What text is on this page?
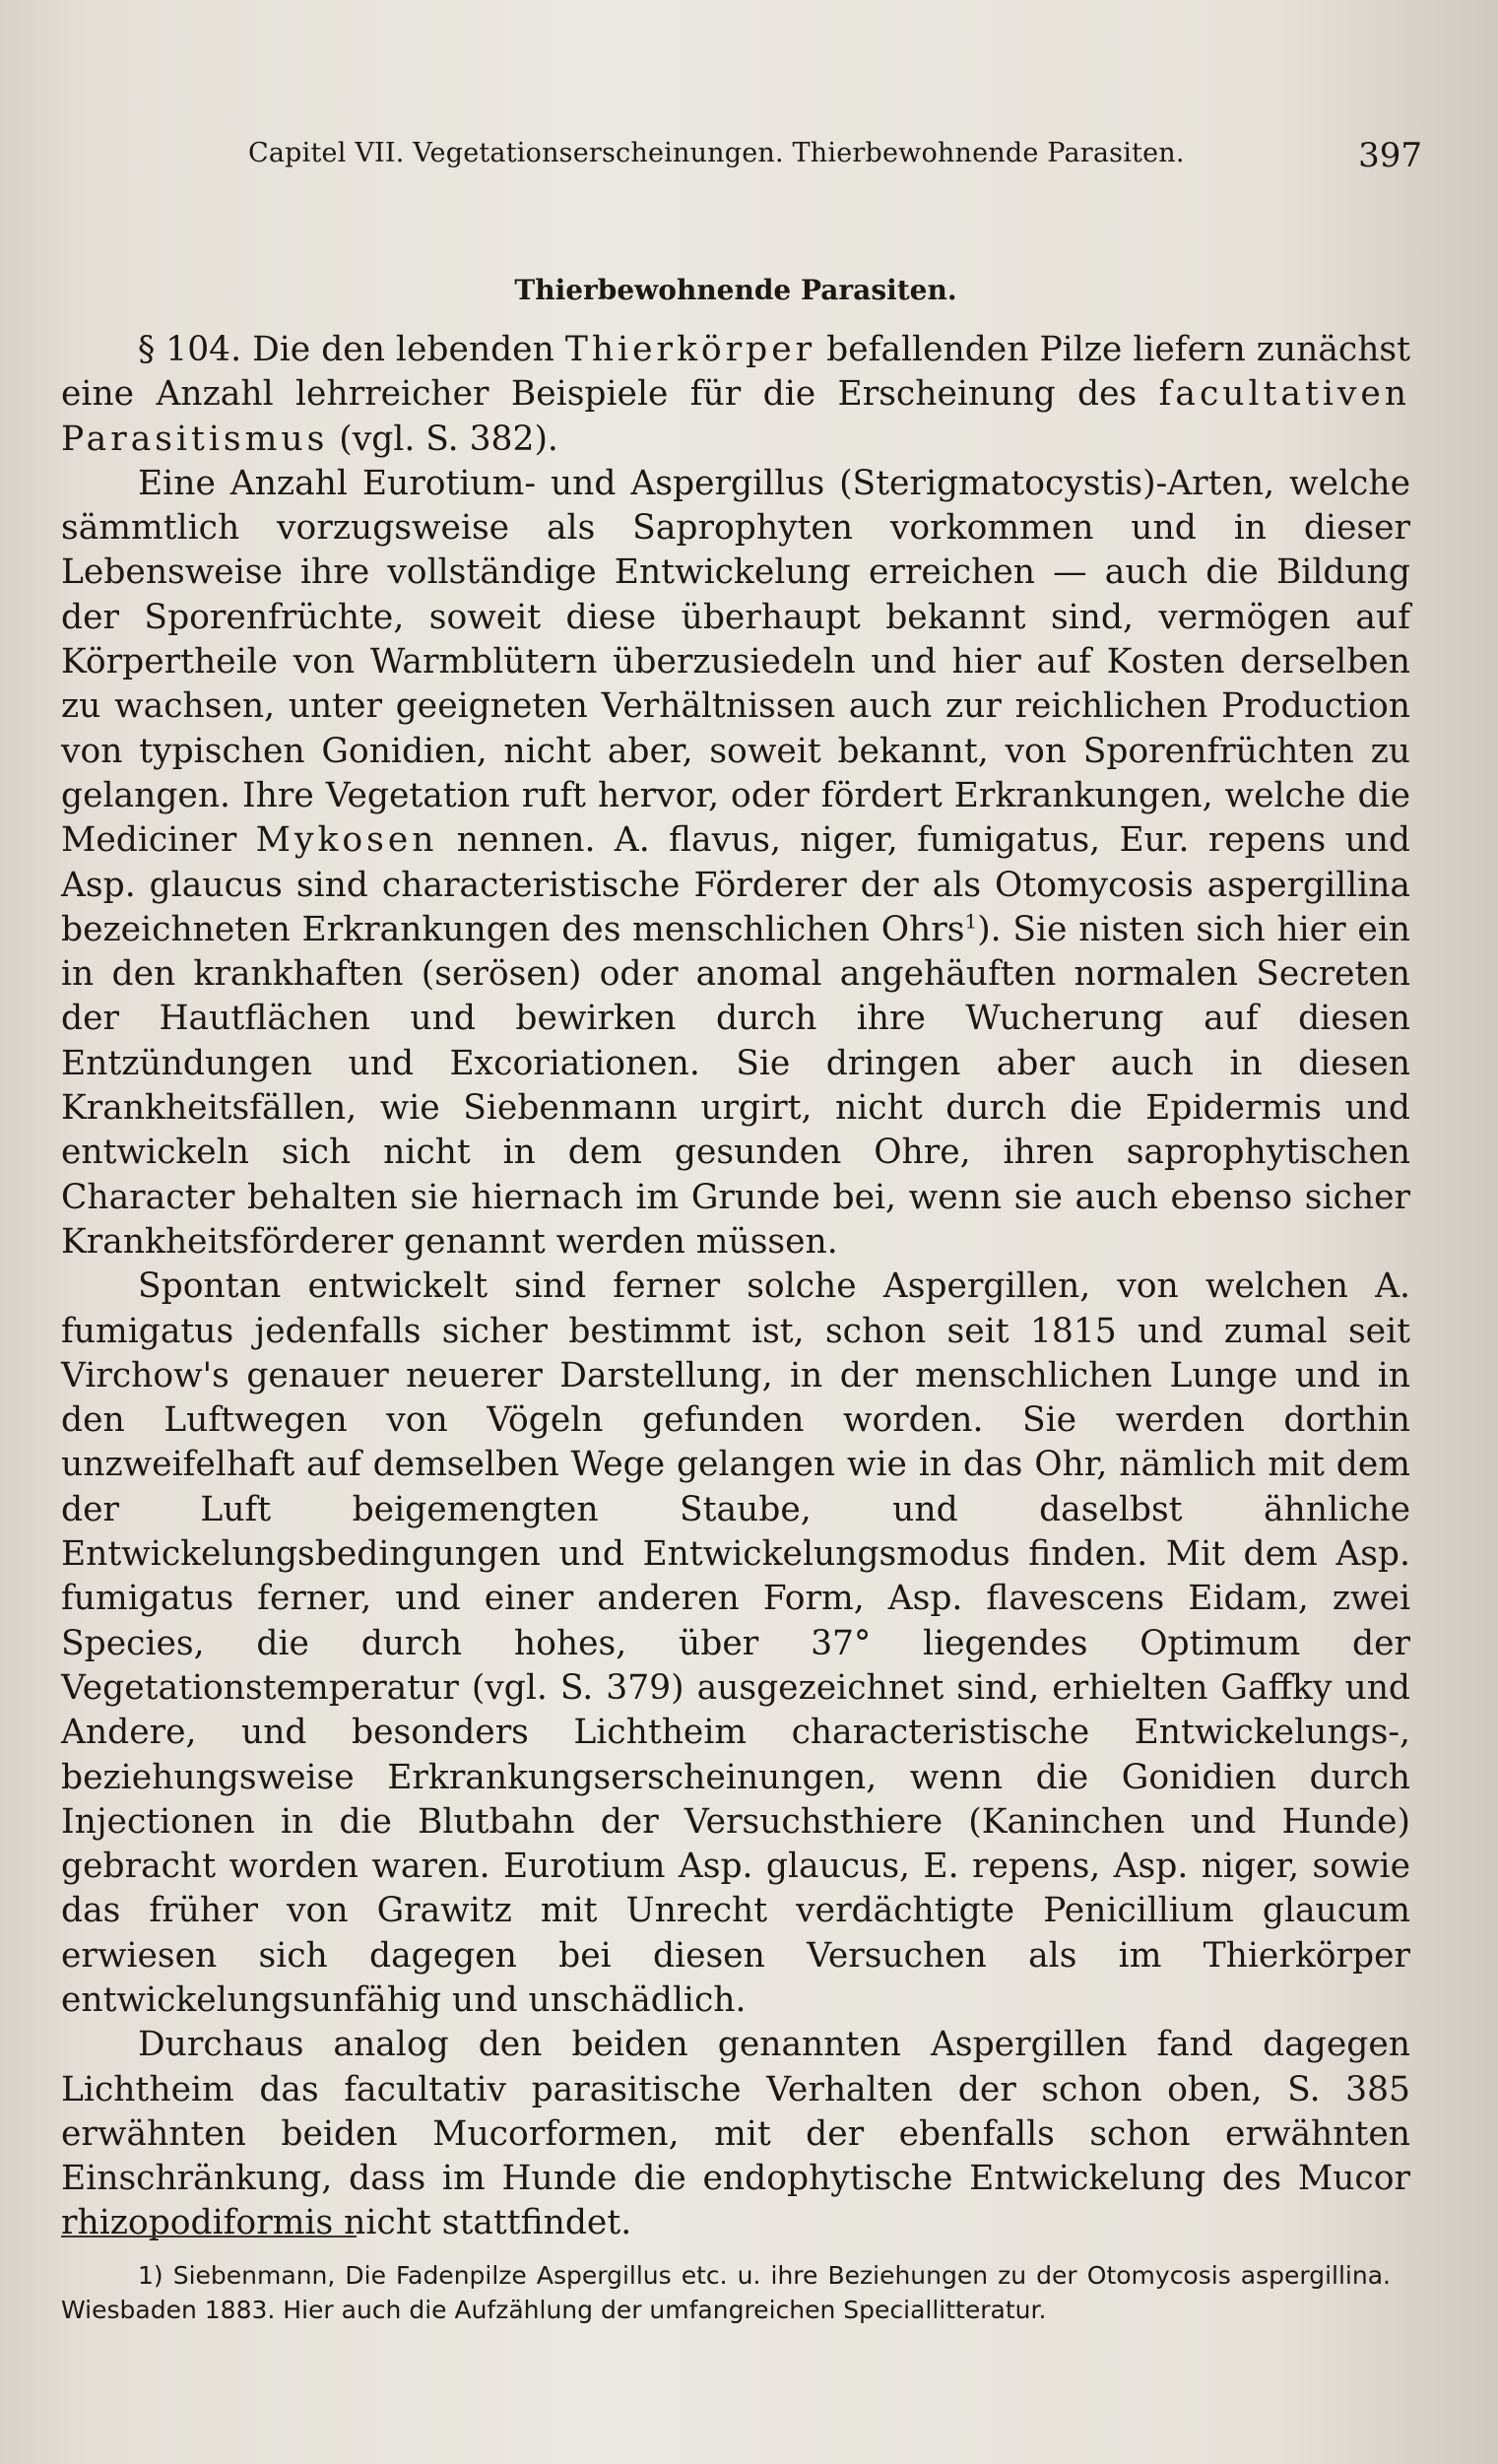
Capitel VII. Vegetationserscheinungen. Thierbewohnende Parasiten.	397
Thierbewohnende Parasiten.

§ 104. Die den lebenden Thierkörper befallenden Pilze liefern zunächst eine Anzahl lehrreicher Beispiele für die Erscheinung des facultativen Parasitismus (vgl. S. 382).

Eine Anzahl Eurotium- und Aspergillus (Sterigmatocystis)-Arten, welche sämmtlich vorzugsweise als Saprophyten vorkommen und in dieser Lebensweise ihre vollständige Entwickelung erreichen — auch die Bildung der Sporenfrüchte, soweit diese überhaupt bekannt sind, vermögen auf Körpertheile von Warmblütern überzusiedeln und hier auf Kosten derselben zu wachsen, unter geeigneten Verhältnissen auch zur reichlichen Production von typischen Gonidien, nicht aber, soweit bekannt, von Sporenfrüchten zu gelangen. Ihre Vegetation ruft hervor, oder fördert Erkrankungen, welche die Mediciner Mykosen nennen. A. flavus, niger, fumigatus, Eur. repens und Asp. glaucus sind characteristische Förderer der als Otomycosis aspergillina bezeichneten Erkrankungen des menschlichen Ohrs$^1$). Sie nisten sich hier ein in den krankhaften (serösen) oder anomal angehäuften normalen Secreten der Hautflächen und bewirken durch ihre Wucherung auf diesen Entzündungen und Excoriationen. Sie dringen aber auch in diesen Krankheitsfällen, wie Siebenmann urgirt, nicht durch die Epidermis und entwickeln sich nicht in dem gesunden Ohre, ihren saprophytischen Character behalten sie hiernach im Grunde bei, wenn sie auch ebenso sicher Krankheitsförderer genannt werden müssen.

Spontan entwickelt sind ferner solche Aspergillen, von welchen A. fumigatus jedenfalls sicher bestimmt ist, schon seit 1815 und zumal seit Virchow's genauer neuerer Darstellung, in der menschlichen Lunge und in den Luftwegen von Vögeln gefunden worden. Sie werden dorthin unzweifelhaft auf demselben Wege gelangen wie in das Ohr, nämlich mit dem der Luft beigemengten Staube, und daselbst ähnliche Entwickelungsbedingungen und Entwickelungsmodus finden. Mit dem Asp. fumigatus ferner, und einer anderen Form, Asp. flavescens Eidam, zwei Species, die durch hohes, über 37° liegendes Optimum der Vegetationstemperatur (vgl. S. 379) ausgezeichnet sind, erhielten Gaffky und Andere, und besonders Lichtheim characteristische Entwickelungs-, beziehungsweise Erkrankungserscheinungen, wenn die Gonidien durch Injectionen in die Blutbahn der Versuchsthiere (Kaninchen und Hunde) gebracht worden waren. Eurotium Asp. glaucus, E. repens, Asp. niger, sowie das früher von Grawitz mit Unrecht verdächtigte Penicillium glaucum erwiesen sich dagegen bei diesen Versuchen als im Thierkörper entwickelungsunfähig und unschädlich.

Durchaus analog den beiden genannten Aspergillen fand dagegen Lichtheim das facultativ parasitische Verhalten der schon oben, S. 385 erwähnten beiden Mucorformen, mit der ebenfalls schon erwähnten Einschränkung, dass im Hunde die endophytische Entwickelung des Mucor rhizopodiformis nicht stattfindet.

1) Siebenmann, Die Fadenpilze Aspergillus etc. u. ihre Beziehungen zu der Otomycosis aspergillina. Wiesbaden 1883. Hier auch die Aufzählung der umfangreichen Speciallitteratur.
